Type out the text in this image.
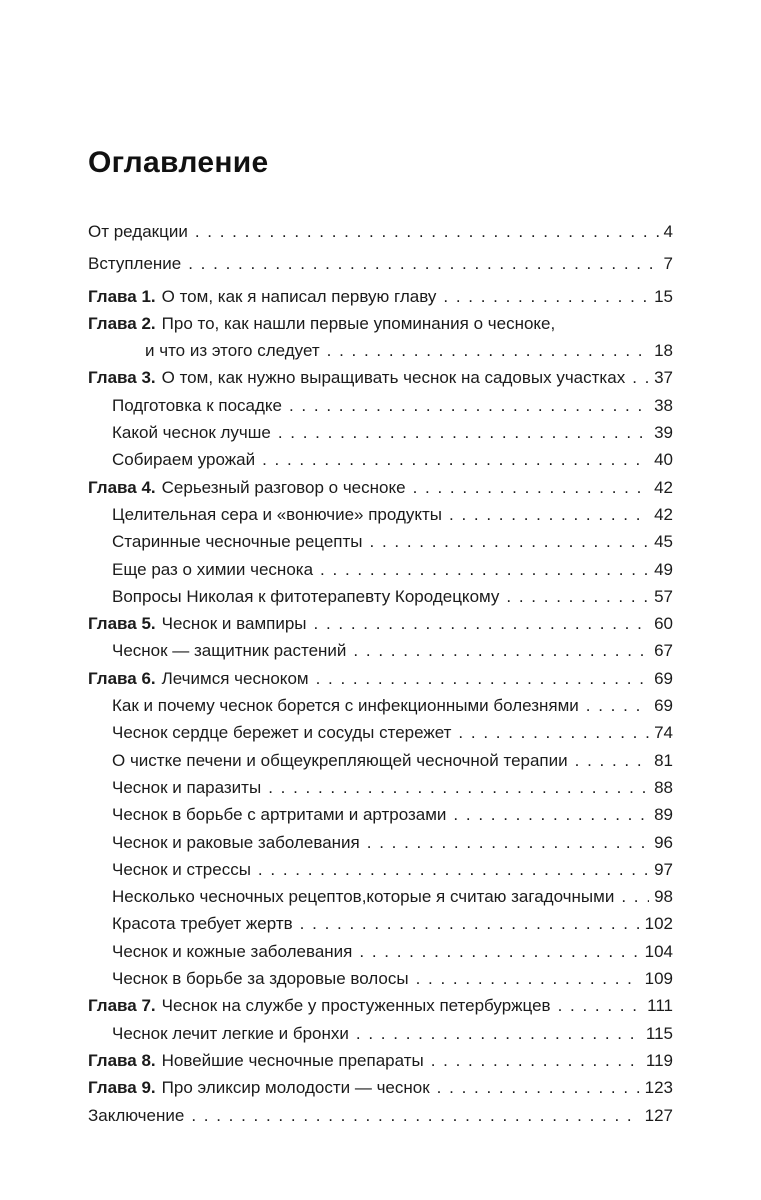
Оглавление
От редакции . . .	4
Вступление . . .	7
Глава 1. О том, как я написал первую главу . . .	15
Глава 2. Про то, как нашли первые упоминания о чесноке,
и что из этого следует . . .	18
Глава 3. О том, как нужно выращивать чеснок на садовых участках . . . 37
Подготовка к посадке . . .	38
Какой чеснок лучше . . .	39
Собираем урожай . . .	40
Глава 4. Серьезный разговор о чесноке . . .	42
Целительная сера и «вонючие» продукты . . .	42
Старинные чесночные рецепты . . .	45
Еще раз о химии чеснока . . .	49
Вопросы Николая к фитотерапевту Кородецкому . . .	57
Глава 5. Чеснок и вампиры . . .	60
Чеснок — защитник растений . . .	67
Глава 6. Лечимся чесноком . . .	69
Как и почему чеснок борется с инфекционными болезнями . . .	69
Чеснок сердце бережет и сосуды стережет . . .	74
О чистке печени и общеукрепляющей чесночной терапии . . .	81
Чеснок и паразиты . . .	88
Чеснок в борьбе с артритами и артрозами . . .	89
Чеснок и раковые заболевания . . .	96
Чеснок и стрессы . . .	97
Несколько чесночных рецептов,которые я считаю загадочными . . . 98
Красота требует жертв . . .	102
Чеснок и кожные заболевания . . .	104
Чеснок в борьбе за здоровые волосы . . .	109
Глава 7. Чеснок на службе у простуженных петербуржцев . . .	111
Чеснок лечит легкие и бронхи . . .	115
Глава 8. Новейшие чесночные препараты . . .	119
Глава 9. Про эликсир молодости — чеснок . . .	123
Заключение . . .	127
